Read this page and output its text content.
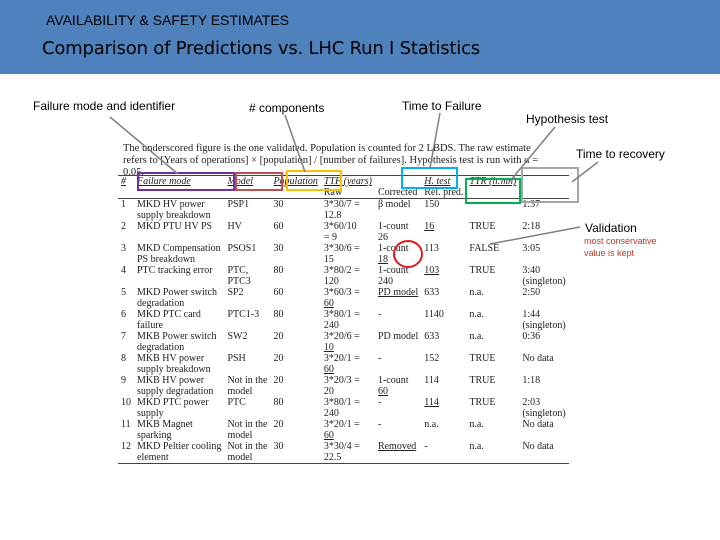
AVAILABILITY & SAFETY ESTIMATES
Comparison of Predictions vs. LHC Run I Statistics
Failure mode and identifier	# components	Time to Failure
Hypothesis test
Time to recovery
Validation
most conservative
value is kept
The underscored figure is the one validated. Population is counted for 2 LBDS. The raw estimate refers to [Years of operations] × [population] / [number of failures]. Hypothesis test is run with α = 0.05.
#	Failure mode	Model	Population	TTF (years)		H. test	TTR (h:mn)	
				Raw	Corrected	Rel. pred.		
1	MKD HV power	PSP1	30	3*30/7 =	β model	150		1:37
	supply breakdown			12.8				
2	MKD PTU HV PS	HV	60	3*60/10	1-count	16	TRUE	2:18
				= 9	26			
3	MKD Compensation	PSOS1	30	3*30/6 =	1-count	113	FALSE	3:05
	PS breakdown			15	18			
4	PTC tracking error	PTC,	80	3*80/2 =	1-count	103	TRUE	3:40
		PTC3		120	240			(singleton)
5	MKD Power switch	SP2	60	3*60/3 =	PD model	633	n.a.	2:50
	degradation			60				
6	MKD PTC card	PTC1-3	80	3*80/1 =	-	1140	n.a.	1:44
	failure			240				(singleton)
7	MKB Power switch	SW2	20	3*20/6 =	PD model	633	n.a.	0:36
	degradation			10				
8	MKB HV power	PSH	20	3*20/1 =	-	152	TRUE	No data
	supply breakdown			60				
9	MKB HV power	Not in the	20	3*20/3 =	1-count	114	TRUE	1:18
	supply degradation	model		20	60			
10	MKD PTC power	PTC	80	3*80/1 =	-	114	TRUE	2:03
	supply			240				(singleton)
11	MKB Magnet	Not in the	20	3*20/1 =	-	n.a.	n.a.	No data
	sparking	model		60				
12	MKD Peltier cooling	Not in the	30	3*30/4 =	Removed	-	n.a.	No data
	element	model		22.5				
